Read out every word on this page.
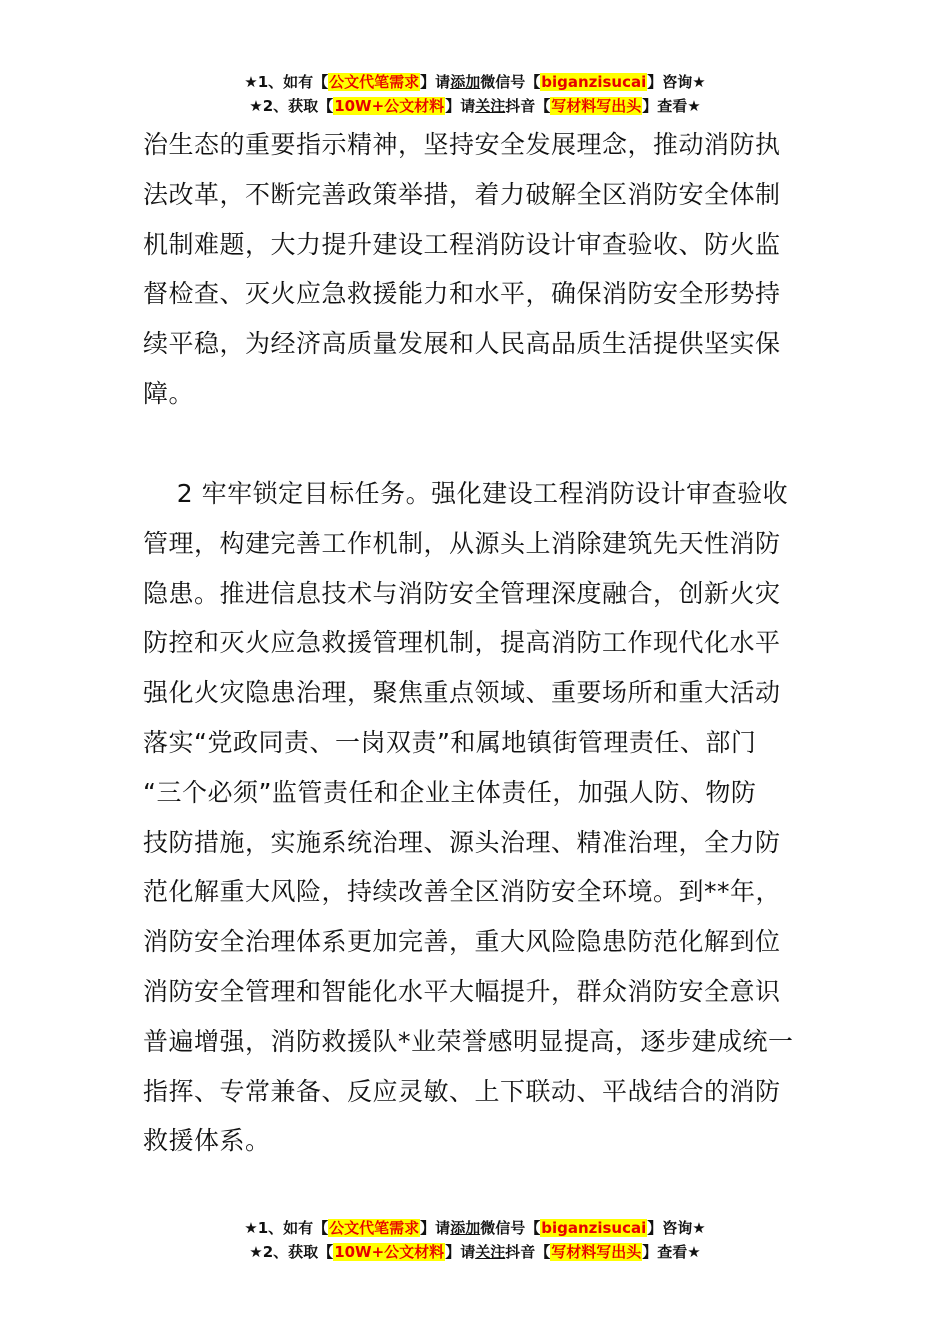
★1、如有【公文代笔需求】请添加微信号【biganzisucai】咨询★
★2、获取【10W+公文材料】请关注抖音【写材料写出头】查看★
治生态的重要指示精神，坚持安全发展理念，推动消防执
法改革，不断完善政策举措，着力破解全区消防安全体制
机制难题，大力提升建设工程消防设计审查验收、防火监
督检查、灭火应急救援能力和水平，确保消防安全形势持
续平稳，为经济高质量发展和人民高品质生活提供坚实保
障。
2 牢牢锁定目标任务。强化建设工程消防设计审查验收
管理，构建完善工作机制，从源头上消除建筑先天性消防
隐患。推进信息技术与消防安全管理深度融合，创新火灾
防控和灭火应急救援管理机制，提高消防工作现代化水平
强化火灾隐患治理，聚焦重点领域、重要场所和重大活动
落实“党政同责、一岗双责”和属地镇街管理责任、部门
“三个必须”监管责任和企业主体责任，加强人防、物防
技防措施，实施系统治理、源头治理、精准治理，全力防
范化解重大风险，持续改善全区消防安全环境。到**年，
消防安全治理体系更加完善，重大风险隐患防范化解到位
消防安全管理和智能化水平大幅提升，群众消防安全意识
普遍增强，消防救援队*业荣誉感明显提高，逐步建成统一
指挥、专常兼备、反应灵敏、上下联动、平战结合的消防
救援体系。
★1、如有【公文代笔需求】请添加微信号【biganzisucai】咨询★
★2、获取【10W+公文材料】请关注抖音【写材料写出头】查看★
